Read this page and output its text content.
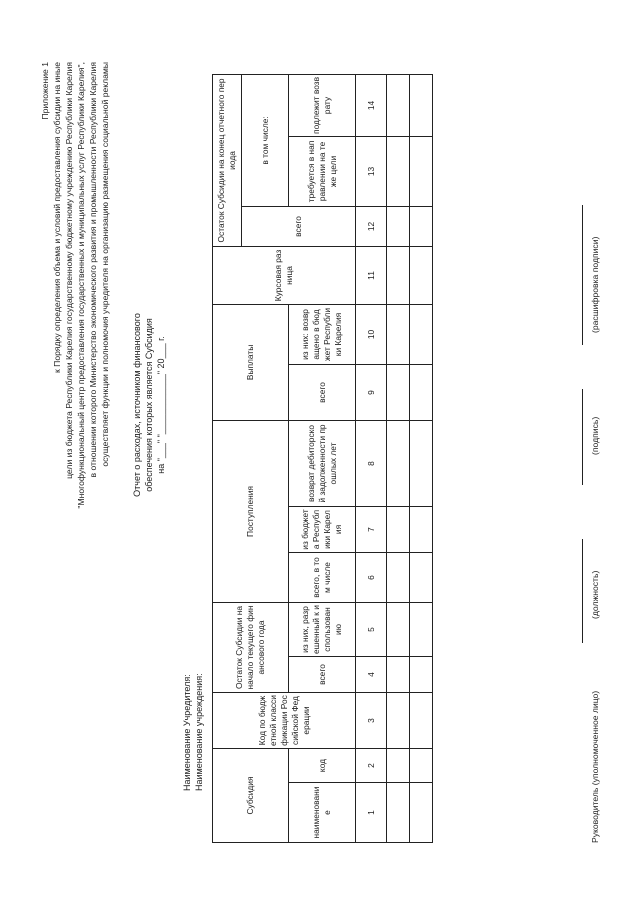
Приложение 1 к Порядку определения объема и условий предоставления субсидии на иные цели из бюджета Республики Карелия государственному бюджетному учреждению Республики Карелия "Многофункциональный центр предоставления государственных и муниципальных услуг Республики Карелия", в отношении которого Министерство экономического развития и промышленности Республики Карелия осуществляет функции и полномочия учредителя на организацию размещения социальной рекламы Отчет о расходах, источником финансового обеспечения которых является Субсидия на "___" "____________" 20___ г.
Наименование Учредителя: Наименование учреждения:
Субсидия		Код по бюджетной классификации Российской Федерации	Остаток Субсидии на начало текущего финансового года		Поступления			Выплаты		Курсовая разница	Остаток Субсидии на конец отчетного периода		
											всего	в том числе:	
наименование	код		всего	из них, разрешенный к использованию	всего, в том числе	из бюджета Республики Карелия	возврат дебиторской задолженности прошлых лет	всего	из них: возвращено в бюджет Республики Карелия			требуется в направлении на те же цели	подлежит возврату
1	2	3	4	5	6	7	8	9	10	11	12	13	14

Руководитель (уполномоченное лицо)
(должность)
(подпись)
(расшифровка подписи)
